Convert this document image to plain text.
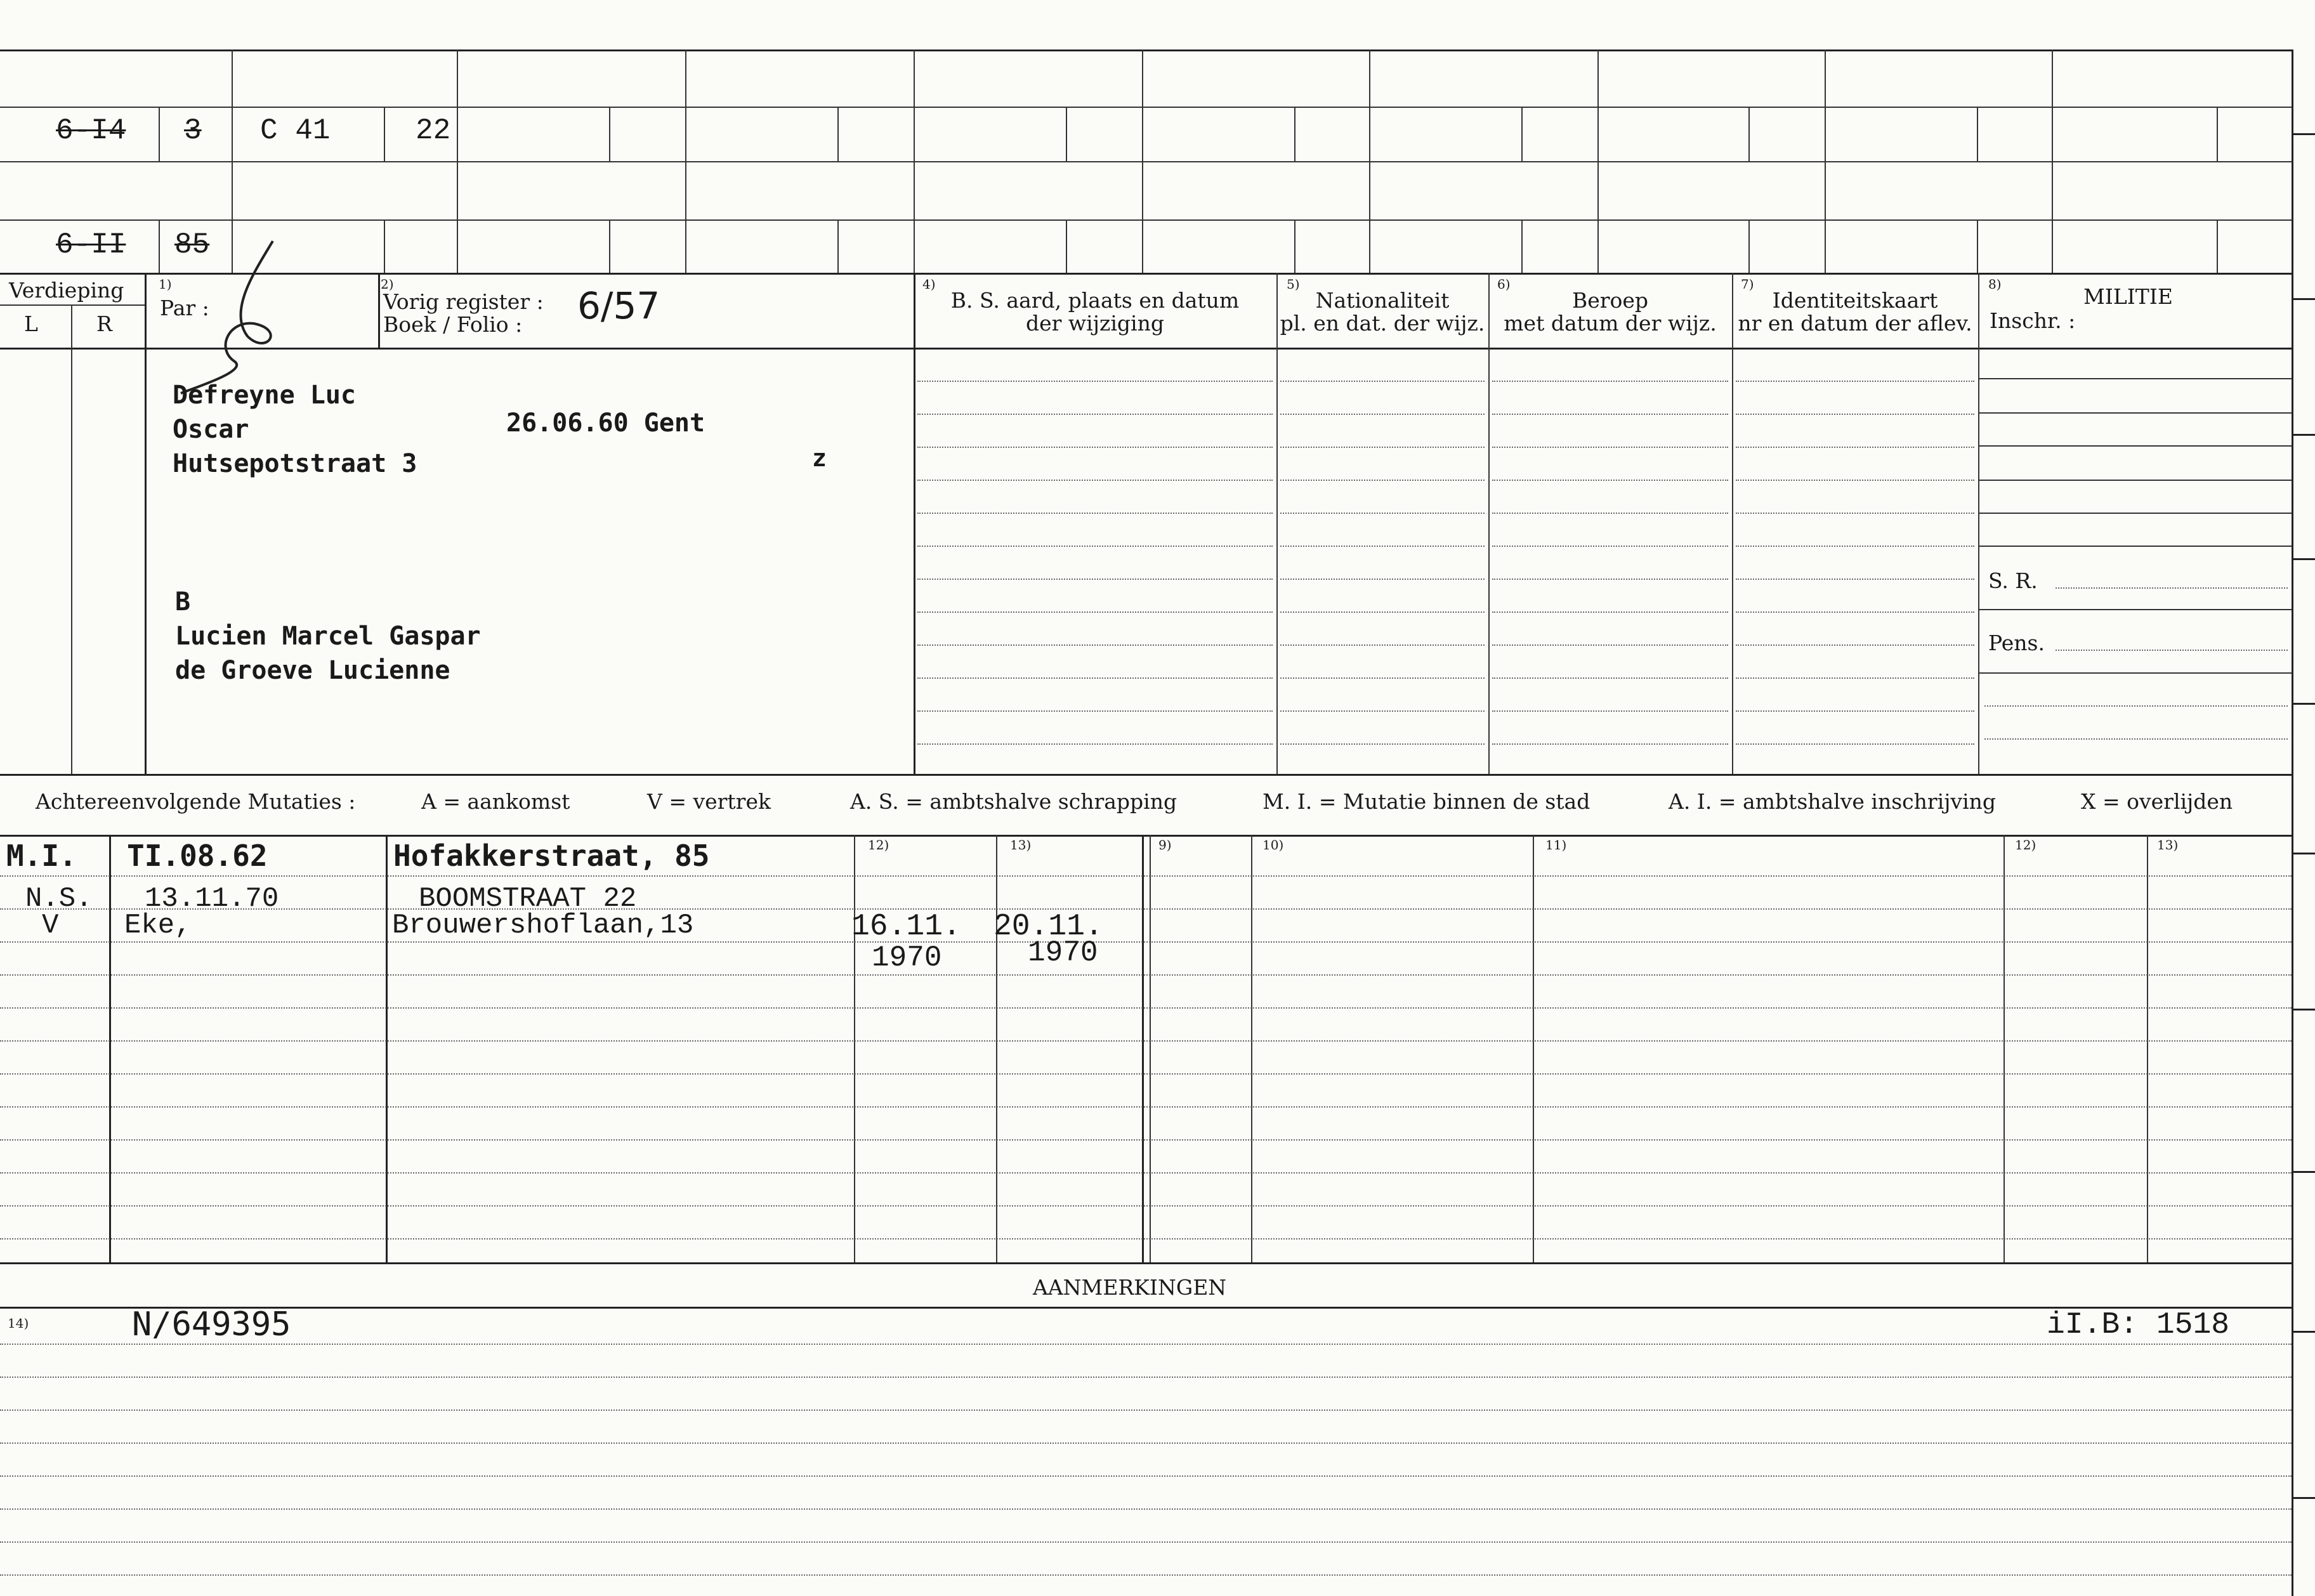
6-I4 3 C 41	22
6-II 85
Verdieping
L	R
1)
Par :
2)
Vorig register :
Boek / Folio : 6/57	4)
B. S. aard, plaats en datum
der wijziging
5)
Nationaliteit
pl. en dat. der wijz.
6)
Beroep
met datum der wijz.
7)
Identiteitskaart
nr en datum der aflev.
8)	MILITIE
Inschr. :
S. R.
Pens.
Defreyne Luc
Oscar
Hutsepotstraat 3
26.06.60 Gent
z
B
Lucien Marcel Gaspar
de Groeve Lucienne
Achtereenvolgende Mutaties :	A = aankomst	V = vertrek	A. S. = ambtshalve schrapping	M. I. = Mutatie binnen de stad	A. I. = ambtshalve inschrijving	X = overlijden
12)	13)	9)	10)	11)	12)	13)
M.I. TI.08.62	Hofakkerstraat, 85
N.S. 13.11.70	BOOMSTRAAT 22
V Eke,	Brouwershoflaan,13	16.11. 20.11.
1970	1970
AANMERKINGEN
14)	N/649395	iI.B: 1518
